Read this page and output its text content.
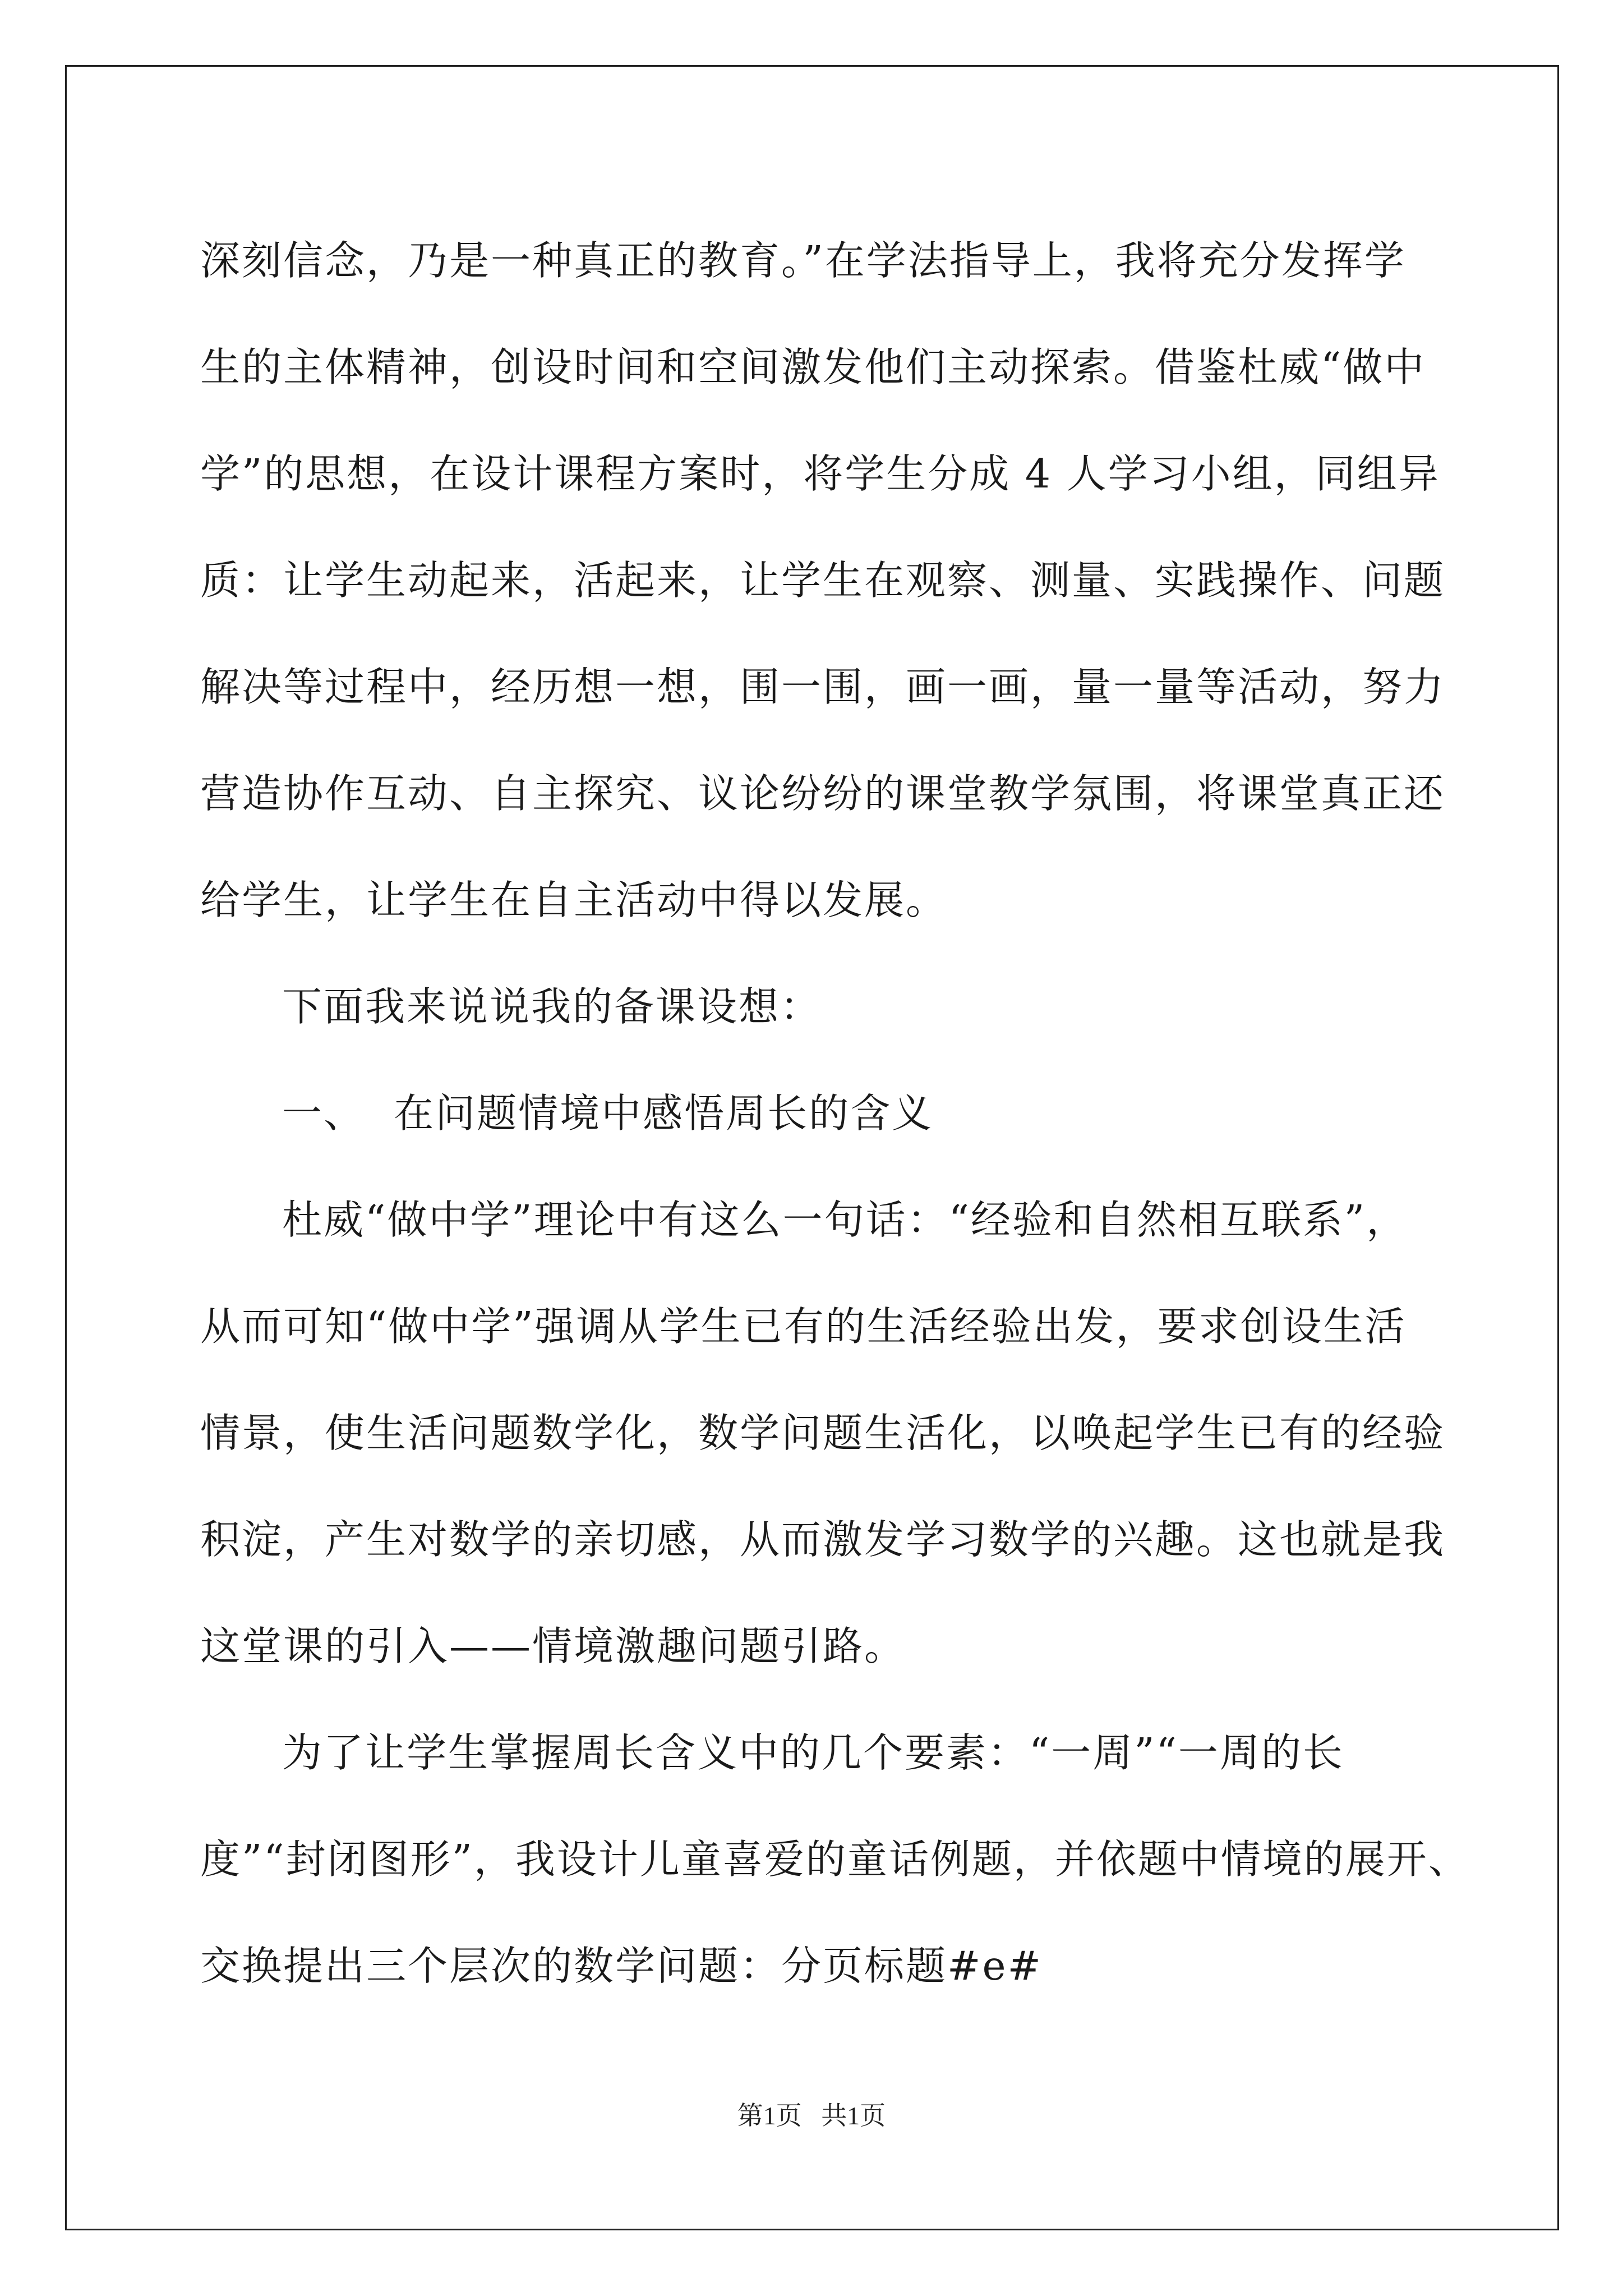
深刻信念，乃是一种真正的教育。”在学法指导上，我将充分发挥学
生的主体精神，创设时间和空间激发他们主动探索。借鉴杜威“做中
学”的思想，在设计课程方案时，将学生分成 4 人学习小组，同组异
质：让学生动起来，活起来，让学生在观察、测量、实践操作、问题
解决等过程中，经历想一想，围一围，画一画，量一量等活动，努力
营造协作互动、自主探究、议论纷纷的课堂教学氛围，将课堂真正还
给学生，让学生在自主活动中得以发展。
下面我来说说我的备课设想：
一、  在问题情境中感悟周长的含义
杜威“做中学”理论中有这么一句话：“经验和自然相互联系”，
从而可知“做中学”强调从学生已有的生活经验出发，要求创设生活
情景，使生活问题数学化，数学问题生活化，以唤起学生已有的经验
积淀，产生对数学的亲切感，从而激发学习数学的兴趣。这也就是我
这堂课的引入——情境激趣问题引路。
为了让学生掌握周长含义中的几个要素：“一周”“一周的长
度”“封闭图形”，我设计儿童喜爱的童话例题，并依题中情境的展开、
交换提出三个层次的数学问题：分页标题#e#
第1页   共1页
